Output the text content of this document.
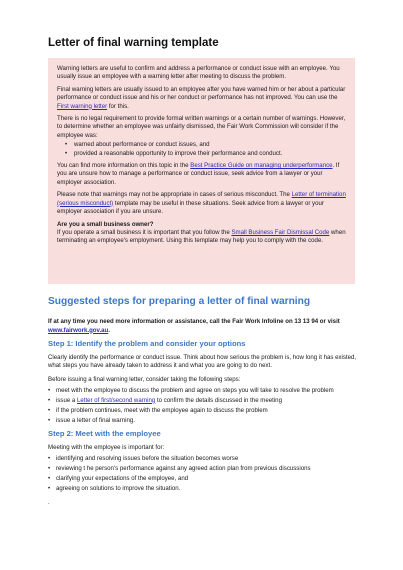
Letter of final warning template

Warning letters are useful to confirm and address a performance or conduct issue with an employee. You usually issue an employee with a warning letter after meeting to discuss the problem.

Final warning letters are usually issued to an employee after you have warned him or her about a particular performance or conduct issue and his or her conduct or performance has not improved. You can use the First warning letter for this.

There is no legal requirement to provide formal written warnings or a certain number of warnings. However, to determine whether an employee was unfairly dismissed, the Fair Work Commission will consider if the employee was:

• warned about performance or conduct issues, and
• provided a reasonable opportunity to improve their performance and conduct.

You can find more information on this topic in the Best Practice Guide on managing underperformance. If you are unsure how to manage a performance or conduct issue, seek advice from a lawyer or your employer association.

Please note that warnings may not be appropriate in cases of serious misconduct. The Letter of termination (serious misconduct) template may be useful in these situations. Seek advice from a lawyer or your employer association if you are unsure.

Are you a small business owner?
If you operate a small business it is important that you follow the Small Business Fair Dismissal Code when terminating an employee's employment. Using this template may help you to comply with the code.

Suggested steps for preparing a letter of final warning

If at any time you need more information or assistance, call the Fair Work Infoline on 13 13 94 or visit www.fairwork.gov.au.

Step 1: Identify the problem and consider your options

Clearly identify the performance or conduct issue. Think about how serious the problem is, how long it has existed, what steps you have already taken to address it and what you are going to do next.

Before issuing a final warning letter, consider taking the following steps:

• meet with the employee to discuss the problem and agree on steps you will take to resolve the problem
• issue a Letter of first/second warning to confirm the details discussed in the meeting
• if the problem continues, meet with the employee again to discuss the problem
• issue a letter of final warning.
Step 2: Meet with the employee

Meeting with the employee is important for:

• identifying and resolving issues before the situation becomes worse
• reviewing t he person's performance against any agreed action plan from previous discussions
• clarifying your expectations of the employee, and
• agreeing on solutions to improve the situation.
.
